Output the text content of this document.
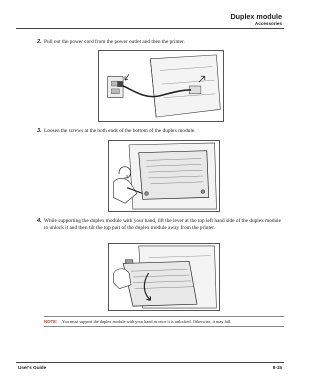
Duplex module
Accessories
2. Pull out the power cord from the power outlet and then the printer.
3. Loosen the screws at the both ends of the bottom of the duplex module.
4. While supporting the duplex module with your hand, lift the lever at the top left hand side of the duplex module to unlock it and then tilt the top part of the duplex module away from the printer.
NOTE: You must support the duplex module with your hand as once it is unlocked. Otherwise, it may fall.
User's Guide	8-15
